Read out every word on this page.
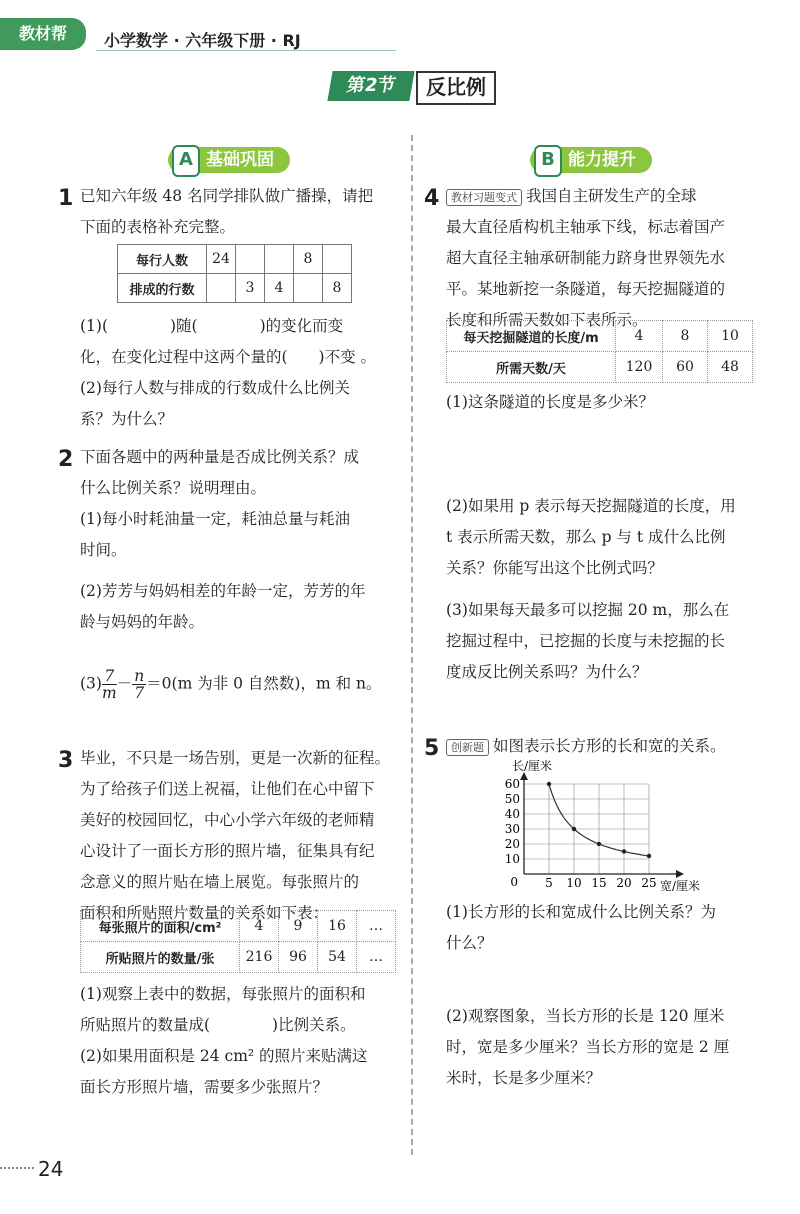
教材帮	小学数学 · 六年级下册 · RJ
第2节	反比例
A 基础巩固	B 能力提升
1 已知六年级 48 名同学排队做广播操，请把
下面的表格补充完整。
每行人数	24			8	
排成的行数		3	4		8
(1)(　　　　)随(　　　　)的变化而变
化，在变化过程中这两个量的(　　)不变 。
(2)每行人数与排成的行数成什么比例关
系？为什么？
2 下面各题中的两种量是否成比例关系？成
什么比例关系？说明理由。
(1)每小时耗油量一定，耗油总量与耗油
时间。
(2)芳芳与妈妈相差的年龄一定，芳芳的年
龄与妈妈的年龄。
$(3) \frac{7}{m} - \frac{n}{7} =0(m$ 为非 0 自然数)，m 和 n。
3 毕业，不只是一场告别，更是一次新的征程。
为了给孩子们送上祝福，让他们在心中留下
美好的校园回忆，中心小学六年级的老师精
心设计了一面长方形的照片墙，征集具有纪
念意义的照片贴在墙上展览。每张照片的
面积和所贴照片数量的关系如下表：
每张照片的面积/cm²	4	9	16	…
所贴照片的数量/张	216	96	54	…
(1)观察上表中的数据，每张照片的面积和
所贴照片的数量成(　　　　)比例关系。
(2)如果用面积是 24 cm² 的照片来贴满这
面长方形照片墙，需要多少张照片？
4	教材习题变式 我国自主研发生产的全球
最大直径盾构机主轴承下线，标志着国产
超大直径主轴承研制能力跻身世界领先水
平。某地新挖一条隧道，每天挖掘隧道的
长度和所需天数如下表所示。
每天挖掘隧道的长度/m	4	8	10
所需天数/天	120	60	48
(1)这条隧道的长度是多少米？
(2)如果用 p 表示每天挖掘隧道的长度，用
t 表示所需天数，那么 p 与 t 成什么比例
关系？你能写出这个比例式吗？
(3)如果每天最多可以挖掘 20 m，那么在
挖掘过程中，已挖掘的长度与未挖掘的长
度成反比例关系吗？为什么？
5	创新题 如图表示长方形的长和宽的关系。
5 10 15 20 25
60
50
40
30
20
10
长/厘米
宽/厘米
0
(1)长方形的长和宽成什么比例关系？为
什么？
(2)观察图象，当长方形的长是 120 厘米
时，宽是多少厘米？当长方形的宽是 2 厘
米时，长是多少厘米？
24
